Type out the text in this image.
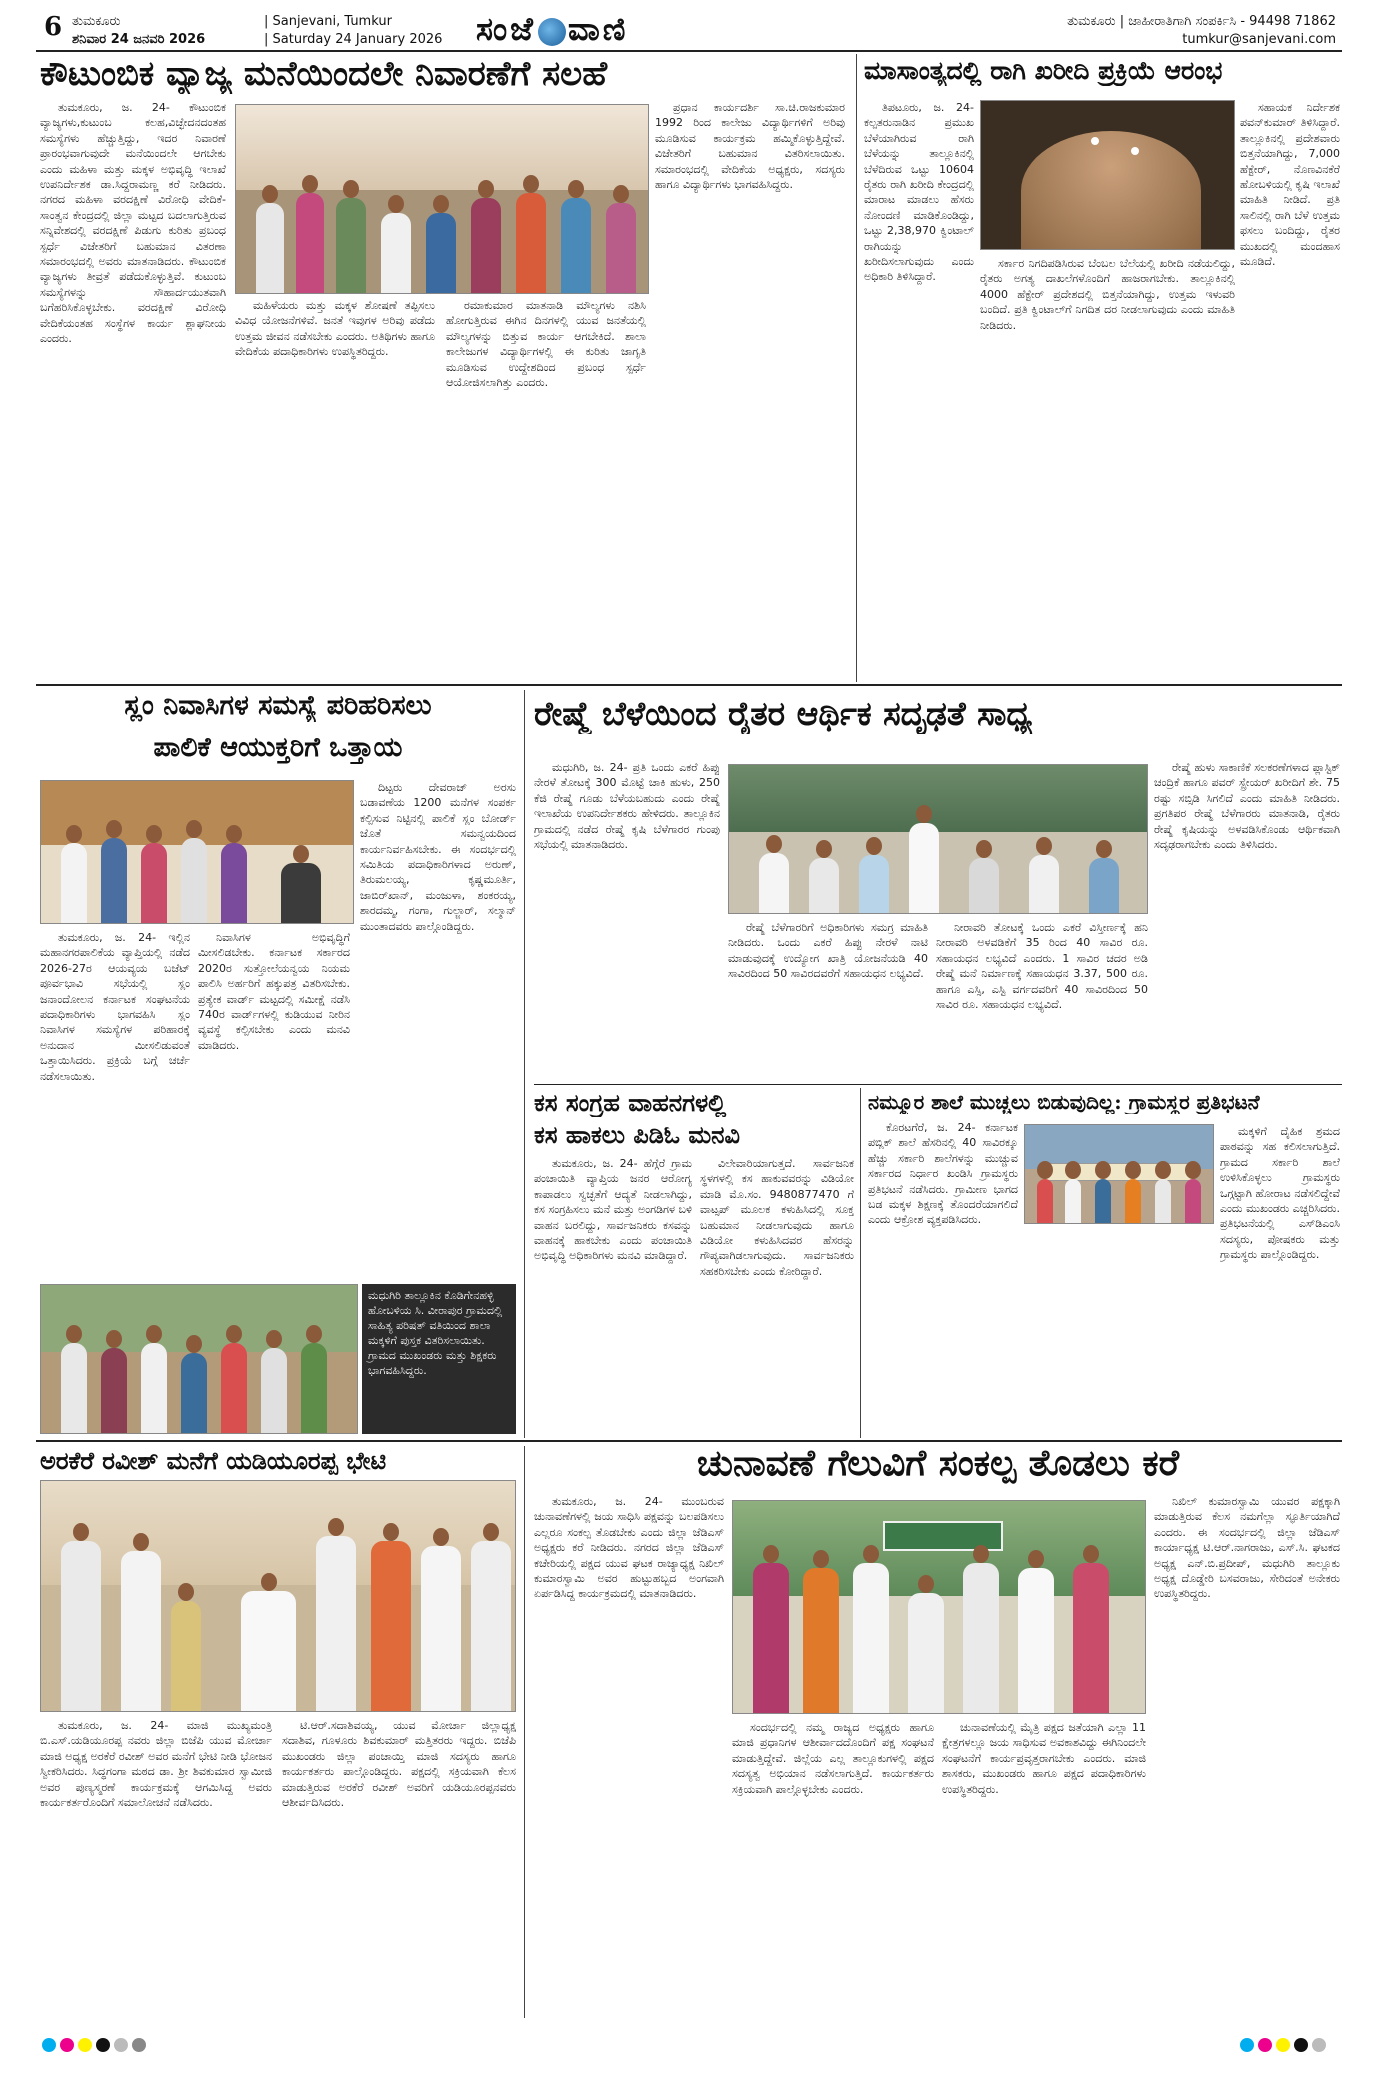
6 ತುಮಕೂರು
ಶನಿವಾರ 24 ಜನವರಿ 2026
| Sanjevani, Tumkur
| Saturday 24 January 2026 ಸಂಜೆ ವಾಣಿ	ತುಮಕೂರು | ಜಾಹೀರಾತಿಗಾಗಿ ಸಂಪರ್ಕಿಸಿ - 94498 71862
tumkur@sanjevani.com
ಕೌಟುಂಬಿಕ ವ್ಯಾಜ್ಯ ಮನೆಯಿಂದಲೇ ನಿವಾರಣೆಗೆ ಸಲಹೆ

ತುಮಕೂರು, ಜ. 24- ಕೌಟುಂಬಿಕ ವ್ಯಾಜ್ಯಗಳು,ಕುಟುಂಬ ಕಲಹ,ವಿಚ್ಛೇದನದಂತಹ ಸಮಸ್ಯೆಗಳು ಹೆಚ್ಚುತ್ತಿದ್ದು, ಇದರ ನಿವಾರಣೆ ಪ್ರಾರಂಭವಾಗುವುದೇ ಮನೆಯಿಂದಲೇ ಆಗಬೇಕು ಎಂದು ಮಹಿಳಾ ಮತ್ತು ಮಕ್ಕಳ ಅಭಿವೃದ್ಧಿ ಇಲಾಖೆ ಉಪನಿರ್ದೇಶಕ ಡಾ.ಸಿದ್ದರಾಮಣ್ಣ ಕರೆ ನೀಡಿದರು. ನಗರದ ಮಹಿಳಾ ವರದಕ್ಷಿಣೆ ವಿರೋಧಿ ವೇದಿಕೆ-ಸಾಂತ್ವನ ಕೇಂದ್ರದಲ್ಲಿ ಜಿಲ್ಲಾ ಮಟ್ಟದ ಬದಲಾಗುತ್ತಿರುವ ಸನ್ನಿವೇಶದಲ್ಲಿ ವರದಕ್ಷಿಣೆ ಪಿಡುಗು ಕುರಿತು ಪ್ರಬಂಧ ಸ್ಪರ್ಧೆ ವಿಜೇತರಿಗೆ ಬಹುಮಾನ ವಿತರಣಾ ಸಮಾರಂಭದಲ್ಲಿ ಅವರು ಮಾತನಾಡಿದರು. ಕೌಟುಂಬಿಕ ವ್ಯಾಜ್ಯಗಳು ತೀವ್ರತೆ ಪಡೆದುಕೊಳ್ಳುತ್ತಿವೆ. ಕುಟುಂಬ ಸಮಸ್ಯೆಗಳನ್ನು ಸೌಹಾರ್ದಯುತವಾಗಿ ಬಗೆಹರಿಸಿಕೊಳ್ಳಬೇಕು. ವರದಕ್ಷಿಣೆ ವಿರೋಧಿ ವೇದಿಕೆಯಂತಹ ಸಂಸ್ಥೆಗಳ ಕಾರ್ಯ ಶ್ಲಾಘನೀಯ ಎಂದರು.

ಮಹಿಳೆಯರು ಮತ್ತು ಮಕ್ಕಳ ಶೋಷಣೆ ತಪ್ಪಿಸಲು ವಿವಿಧ ಯೋಜನೆಗಳಿವೆ. ಜನತೆ ಇವುಗಳ ಅರಿವು ಪಡೆದು ಉತ್ತಮ ಜೀವನ ನಡೆಸಬೇಕು ಎಂದರು. ಅತಿಥಿಗಳು ಹಾಗೂ ವೇದಿಕೆಯ ಪದಾಧಿಕಾರಿಗಳು ಉಪಸ್ಥಿತರಿದ್ದರು.

ರಮಾಕುಮಾರ ಮಾತನಾಡಿ ಮೌಲ್ಯಗಳು ನಶಿಸಿ ಹೋಗುತ್ತಿರುವ ಈಗಿನ ದಿನಗಳಲ್ಲಿ ಯುವ ಜನತೆಯಲ್ಲಿ ಮೌಲ್ಯಗಳನ್ನು ಬಿತ್ತುವ ಕಾರ್ಯ ಆಗಬೇಕಿದೆ. ಶಾಲಾ ಕಾಲೇಜುಗಳ ವಿದ್ಯಾರ್ಥಿಗಳಲ್ಲಿ ಈ ಕುರಿತು ಜಾಗೃತಿ ಮೂಡಿಸುವ ಉದ್ದೇಶದಿಂದ ಪ್ರಬಂಧ ಸ್ಪರ್ಧೆ ಆಯೋಜಿಸಲಾಗಿತ್ತು ಎಂದರು.

ಪ್ರಧಾನ ಕಾರ್ಯದರ್ಶಿ ಸಾ.ಚಿ.ರಾಜಕುಮಾರ 1992 ರಿಂದ ಕಾಲೇಜು ವಿದ್ಯಾರ್ಥಿಗಳಿಗೆ ಅರಿವು ಮೂಡಿಸುವ ಕಾರ್ಯಕ್ರಮ ಹಮ್ಮಿಕೊಳ್ಳುತ್ತಿದ್ದೇವೆ. ವಿಜೇತರಿಗೆ ಬಹುಮಾನ ವಿತರಿಸಲಾಯಿತು. ಸಮಾರಂಭದಲ್ಲಿ ವೇದಿಕೆಯ ಅಧ್ಯಕ್ಷರು, ಸದಸ್ಯರು ಹಾಗೂ ವಿದ್ಯಾರ್ಥಿಗಳು ಭಾಗವಹಿಸಿದ್ದರು.

ಮಾಸಾಂತ್ಯದಲ್ಲಿ ರಾಗಿ ಖರೀದಿ ಪ್ರಕ್ರಿಯೆ ಆರಂಭ

ತಿಪಟೂರು, ಜ. 24- ಕಲ್ಪತರುನಾಡಿನ ಪ್ರಮುಖ ಬೆಳೆಯಾಗಿರುವ ರಾಗಿ ಬೆಳೆಯನ್ನು ತಾಲ್ಲೂಕಿನಲ್ಲಿ ಬೆಳೆದಿರುವ ಒಟ್ಟು 10604 ರೈತರು ರಾಗಿ ಖರೀದಿ ಕೇಂದ್ರದಲ್ಲಿ ಮಾರಾಟ ಮಾಡಲು ಹೆಸರು ನೋಂದಣಿ ಮಾಡಿಕೊಂಡಿದ್ದು, ಒಟ್ಟು 2,38,970 ಕ್ವಿಂಟಾಲ್ ರಾಗಿಯನ್ನು ಖರೀದಿಸಲಾಗುವುದು ಎಂದು ಅಧಿಕಾರಿ ತಿಳಿಸಿದ್ದಾರೆ.

ಸರ್ಕಾರ ನಿಗದಿಪಡಿಸಿರುವ ಬೆಂಬಲ ಬೆಲೆಯಲ್ಲಿ ಖರೀದಿ ನಡೆಯಲಿದ್ದು, ರೈತರು ಅಗತ್ಯ ದಾಖಲೆಗಳೊಂದಿಗೆ ಹಾಜರಾಗಬೇಕು. ತಾಲ್ಲೂಕಿನಲ್ಲಿ 4000 ಹೆಕ್ಟೇರ್ ಪ್ರದೇಶದಲ್ಲಿ ಬಿತ್ತನೆಯಾಗಿದ್ದು, ಉತ್ತಮ ಇಳುವರಿ ಬಂದಿದೆ. ಪ್ರತಿ ಕ್ವಿಂಟಾಲ್‌ಗೆ ನಿಗದಿತ ದರ ನೀಡಲಾಗುವುದು ಎಂದು ಮಾಹಿತಿ ನೀಡಿದರು.

ಸಹಾಯಕ ನಿರ್ದೇಶಕ ಪವನ್‌ಕುಮಾರ್ ತಿಳಿಸಿದ್ದಾರೆ. ತಾಲ್ಲೂಕಿನಲ್ಲಿ ಪ್ರದೇಶವಾರು ಬಿತ್ತನೆಯಾಗಿದ್ದು, 7,000 ಹೆಕ್ಟೇರ್, ನೊಣವಿನಕೆರೆ ಹೋಬಳಿಯಲ್ಲಿ ಕೃಷಿ ಇಲಾಖೆ ಮಾಹಿತಿ ನೀಡಿದೆ. ಪ್ರತಿ ಸಾಲಿನಲ್ಲಿ ರಾಗಿ ಬೆಳೆ ಉತ್ತಮ ಫಸಲು ಬಂದಿದ್ದು, ರೈತರ ಮುಖದಲ್ಲಿ ಮಂದಹಾಸ ಮೂಡಿದೆ.

ಸ್ಲಂ ನಿವಾಸಿಗಳ ಸಮಸ್ಯೆ ಪರಿಹರಿಸಲು
ಪಾಲಿಕೆ ಆಯುಕ್ತರಿಗೆ ಒತ್ತಾಯ

ತುಮಕೂರು, ಜ. 24- ಇಲ್ಲಿನ ಮಹಾನಗರಪಾಲಿಕೆಯ ವ್ಯಾಪ್ತಿಯಲ್ಲಿ ನಡೆದ 2026-27ರ ಆಯವ್ಯಯ ಬಜೆಟ್ ಪೂರ್ವಭಾವಿ ಸಭೆಯಲ್ಲಿ ಸ್ಲಂ ಜನಾಂದೋಲನ ಕರ್ನಾಟಕ ಸಂಘಟನೆಯ ಪದಾಧಿಕಾರಿಗಳು ಭಾಗವಹಿಸಿ ಸ್ಲಂ ನಿವಾಸಿಗಳ ಸಮಸ್ಯೆಗಳ ಪರಿಹಾರಕ್ಕೆ ಅನುದಾನ ಮೀಸಲಿಡುವಂತೆ ಒತ್ತಾಯಿಸಿದರು. ಪ್ರಕ್ರಿಯೆ ಬಗ್ಗೆ ಚರ್ಚೆ ನಡೆಸಲಾಯಿತು.

ನಿವಾಸಿಗಳ ಅಭಿವೃದ್ಧಿಗೆ ಮೀಸಲಿಡಬೇಕು. ಕರ್ನಾಟಕ ಸರ್ಕಾರದ 2020ರ ಸುತ್ತೋಲೆಯನ್ವಯ ನಿಯಮ ಪಾಲಿಸಿ ಅರ್ಹರಿಗೆ ಹಕ್ಕುಪತ್ರ ವಿತರಿಸಬೇಕು. ಪ್ರತ್ಯೇಕ ವಾರ್ಡ್ ಮಟ್ಟದಲ್ಲಿ ಸಮೀಕ್ಷೆ ನಡೆಸಿ 740ರ ವಾರ್ಡ್‌ಗಳಲ್ಲಿ ಕುಡಿಯುವ ನೀರಿನ ವ್ಯವಸ್ಥೆ ಕಲ್ಪಿಸಬೇಕು ಎಂದು ಮನವಿ ಮಾಡಿದರು.

ದಿಟ್ಟರು ದೇವರಾಜ್ ಅರಸು ಬಡಾವಣೆಯ 1200 ಮನೆಗಳ ಸಂಪರ್ಕ ಕಲ್ಪಿಸುವ ನಿಟ್ಟಿನಲ್ಲಿ ಪಾಲಿಕೆ ಸ್ಲಂ ಬೋರ್ಡ್ ಜೊತೆ ಸಮನ್ವಯದಿಂದ ಕಾರ್ಯನಿರ್ವಹಿಸಬೇಕು. ಈ ಸಂದರ್ಭದಲ್ಲಿ ಸಮಿತಿಯ ಪದಾಧಿಕಾರಿಗಳಾದ ಅರುಣ್, ತಿರುಮಲಯ್ಯ, ಕೃಷ್ಣಮೂರ್ತಿ, ಜಾಬಿರ್‌ಖಾನ್, ಮಂಜುಳಾ, ಶಂಕರಯ್ಯ, ಶಾರದಮ್ಮ, ಗಂಗಾ, ಗುಲ್ಜಾರ್, ಸಲ್ಮಾನ್ ಮುಂತಾದವರು ಪಾಲ್ಗೊಂಡಿದ್ದರು.

ಮಧುಗಿರಿ ತಾಲ್ಲೂಕಿನ ಕೊಡಿಗೇನಹಳ್ಳಿ ಹೋಬಳಿಯ ಸಿ. ವೀರಾಪುರ ಗ್ರಾಮದಲ್ಲಿ ಸಾಹಿತ್ಯ ಪರಿಷತ್ ವತಿಯಿಂದ ಶಾಲಾ ಮಕ್ಕಳಿಗೆ ಪುಸ್ತಕ ವಿತರಿಸಲಾಯಿತು. ಗ್ರಾಮದ ಮುಖಂಡರು ಮತ್ತು ಶಿಕ್ಷಕರು ಭಾಗವಹಿಸಿದ್ದರು.
ರೇಷ್ಮೆ ಬೆಳೆಯಿಂದ ರೈತರ ಆರ್ಥಿಕ ಸದೃಢತೆ ಸಾಧ್ಯ

ಮಧುಗಿರಿ, ಜ. 24- ಪ್ರತಿ ಒಂದು ಎಕರೆ ಹಿಪ್ಪು ನೇರಳೆ ತೋಟಕ್ಕೆ 300 ಮೊಟ್ಟೆ ಚಾಕಿ ಹುಳು, 250 ಕೆಜಿ ರೇಷ್ಮೆ ಗೂಡು ಬೆಳೆಯಬಹುದು ಎಂದು ರೇಷ್ಮೆ ಇಲಾಖೆಯ ಉಪನಿರ್ದೇಶಕರು ಹೇಳಿದರು. ತಾಲ್ಲೂಕಿನ ಗ್ರಾಮದಲ್ಲಿ ನಡೆದ ರೇಷ್ಮೆ ಕೃಷಿ ಬೆಳೆಗಾರರ ಗುಂಪು ಸಭೆಯಲ್ಲಿ ಮಾತನಾಡಿದರು.

ರೇಷ್ಮೆ ಬೆಳೆಗಾರರಿಗೆ ಅಧಿಕಾರಿಗಳು ಸಮಗ್ರ ಮಾಹಿತಿ ನೀಡಿದರು. ಒಂದು ಎಕರೆ ಹಿಪ್ಪು ನೇರಳೆ ನಾಟಿ ಮಾಡುವುದಕ್ಕೆ ಉದ್ಯೋಗ ಖಾತ್ರಿ ಯೋಜನೆಯಡಿ 40 ಸಾವಿರದಿಂದ 50 ಸಾವಿರದವರೆಗೆ ಸಹಾಯಧನ ಲಭ್ಯವಿದೆ.

ನೀರಾವರಿ ತೋಟಕ್ಕೆ ಒಂದು ಎಕರೆ ವಿಸ್ತೀರ್ಣಕ್ಕೆ ಹನಿ ನೀರಾವರಿ ಅಳವಡಿಕೆಗೆ 35 ರಿಂದ 40 ಸಾವಿರ ರೂ. ಸಹಾಯಧನ ಲಭ್ಯವಿದೆ ಎಂದರು. 1 ಸಾವಿರ ಚದರ ಅಡಿ ರೇಷ್ಮೆ ಮನೆ ನಿರ್ಮಾಣಕ್ಕೆ ಸಹಾಯಧನ 3.37, 500 ರೂ. ಹಾಗೂ ಎಸ್ಸಿ, ಎಸ್ಟಿ ವರ್ಗದವರಿಗೆ 40 ಸಾವಿರದಿಂದ 50 ಸಾವಿರ ರೂ. ಸಹಾಯಧನ ಲಭ್ಯವಿದೆ.

ರೇಷ್ಮೆ ಹುಳು ಸಾಕಾಣಿಕೆ ಸಲಕರಣೆಗಳಾದ ಪ್ಲಾಸ್ಟಿಕ್ ಚಂದ್ರಿಕೆ ಹಾಗೂ ಪವರ್ ಸ್ಪ್ರೇಯರ್ ಖರೀದಿಗೆ ಶೇ. 75 ರಷ್ಟು ಸಬ್ಸಿಡಿ ಸಿಗಲಿದೆ ಎಂದು ಮಾಹಿತಿ ನೀಡಿದರು. ಪ್ರಗತಿಪರ ರೇಷ್ಮೆ ಬೆಳೆಗಾರರು ಮಾತನಾಡಿ, ರೈತರು ರೇಷ್ಮೆ ಕೃಷಿಯನ್ನು ಅಳವಡಿಸಿಕೊಂಡು ಆರ್ಥಿಕವಾಗಿ ಸದೃಢರಾಗಬೇಕು ಎಂದು ತಿಳಿಸಿದರು.

ಕಸ ಸಂಗ್ರಹ ವಾಹನಗಳಲ್ಲಿ
ಕಸ ಹಾಕಲು ಪಿಡಿಓ ಮನವಿ

ತುಮಕೂರು, ಜ. 24- ಹೆಗ್ಗೆರೆ ಗ್ರಾಮ ಪಂಚಾಯಿತಿ ವ್ಯಾಪ್ತಿಯ ಜನರ ಆರೋಗ್ಯ ಕಾಪಾಡಲು ಸ್ವಚ್ಛತೆಗೆ ಆದ್ಯತೆ ನೀಡಲಾಗಿದ್ದು, ಕಸ ಸಂಗ್ರಹಿಸಲು ಮನೆ ಮತ್ತು ಅಂಗಡಿಗಳ ಬಳಿ ವಾಹನ ಬರಲಿದ್ದು, ಸಾರ್ವಜನಿಕರು ಕಸವನ್ನು ವಾಹನಕ್ಕೆ ಹಾಕಬೇಕು ಎಂದು ಪಂಚಾಯಿತಿ ಅಭಿವೃದ್ಧಿ ಅಧಿಕಾರಿಗಳು ಮನವಿ ಮಾಡಿದ್ದಾರೆ.

ವಿಲೇವಾರಿಯಾಗುತ್ತದೆ. ಸಾರ್ವಜನಿಕ ಸ್ಥಳಗಳಲ್ಲಿ ಕಸ ಹಾಕುವವರನ್ನು ವಿಡಿಯೋ ಮಾಡಿ ಮೊ.ಸಂ. 9480877470 ಗೆ ವಾಟ್ಸಪ್ ಮೂಲಕ ಕಳುಹಿಸಿದಲ್ಲಿ ಸೂಕ್ತ ಬಹುಮಾನ ನೀಡಲಾಗುವುದು ಹಾಗೂ ವಿಡಿಯೋ ಕಳುಹಿಸಿದವರ ಹೆಸರನ್ನು ಗೌಪ್ಯವಾಗಿಡಲಾಗುವುದು. ಸಾರ್ವಜನಿಕರು ಸಹಕರಿಸಬೇಕು ಎಂದು ಕೋರಿದ್ದಾರೆ.

ನಮ್ಮೂರ ಶಾಲೆ ಮುಚ್ಚಲು ಬಿಡುವುದಿಲ್ಲ: ಗ್ರಾಮಸ್ಥರ ಪ್ರತಿಭಟನೆ

ಕೊರಟಗೆರೆ, ಜ. 24- ಕರ್ನಾಟಕ ಪಬ್ಲಿಕ್ ಶಾಲೆ ಹೆಸರಿನಲ್ಲಿ 40 ಸಾವಿರಕ್ಕೂ ಹೆಚ್ಚು ಸರ್ಕಾರಿ ಶಾಲೆಗಳನ್ನು ಮುಚ್ಚುವ ಸರ್ಕಾರದ ನಿರ್ಧಾರ ಖಂಡಿಸಿ ಗ್ರಾಮಸ್ಥರು ಪ್ರತಿಭಟನೆ ನಡೆಸಿದರು. ಗ್ರಾಮೀಣ ಭಾಗದ ಬಡ ಮಕ್ಕಳ ಶಿಕ್ಷಣಕ್ಕೆ ತೊಂದರೆಯಾಗಲಿದೆ ಎಂದು ಆಕ್ರೋಶ ವ್ಯಕ್ತಪಡಿಸಿದರು.

ಮಕ್ಕಳಿಗೆ ದೈಹಿಕ ಶ್ರಮದ ಪಾಠವನ್ನು ಸಹ ಕಲಿಸಲಾಗುತ್ತಿದೆ. ಗ್ರಾಮದ ಸರ್ಕಾರಿ ಶಾಲೆ ಉಳಿಸಿಕೊಳ್ಳಲು ಗ್ರಾಮಸ್ಥರು ಒಗ್ಗಟ್ಟಾಗಿ ಹೋರಾಟ ನಡೆಸಲಿದ್ದೇವೆ ಎಂದು ಮುಖಂಡರು ಎಚ್ಚರಿಸಿದರು. ಪ್ರತಿಭಟನೆಯಲ್ಲಿ ಎಸ್‌ಡಿಎಂಸಿ ಸದಸ್ಯರು, ಪೋಷಕರು ಮತ್ತು ಗ್ರಾಮಸ್ಥರು ಪಾಲ್ಗೊಂಡಿದ್ದರು.

ಅರಕೆರೆ ರವೀಶ್ ಮನೆಗೆ ಯಡಿಯೂರಪ್ಪ ಭೇಟಿ

ತುಮಕೂರು, ಜ. 24- ಮಾಜಿ ಮುಖ್ಯಮಂತ್ರಿ ಬಿ.ಎಸ್.ಯಡಿಯೂರಪ್ಪ ನವರು ಜಿಲ್ಲಾ ಬಿಜೆಪಿ ಯುವ ಮೋರ್ಚಾ ಮಾಜಿ ಅಧ್ಯಕ್ಷ ಅರಕೆರೆ ರವೀಶ್ ಅವರ ಮನೆಗೆ ಭೇಟಿ ನೀಡಿ ಭೋಜನ ಸ್ವೀಕರಿಸಿದರು. ಸಿದ್ಧಗಂಗಾ ಮಠದ ಡಾ. ಶ್ರೀ ಶಿವಕುಮಾರ ಸ್ವಾಮೀಜಿ ಅವರ ಪುಣ್ಯಸ್ಮರಣೆ ಕಾರ್ಯಕ್ರಮಕ್ಕೆ ಆಗಮಿಸಿದ್ದ ಅವರು ಕಾರ್ಯಕರ್ತರೊಂದಿಗೆ ಸಮಾಲೋಚನೆ ನಡೆಸಿದರು.

ಟಿ.ಆರ್.ಸದಾಶಿವಯ್ಯ, ಯುವ ಮೋರ್ಚಾ ಜಿಲ್ಲಾಧ್ಯಕ್ಷ ಸದಾಶಿವ, ಗೂಳೂರು ಶಿವಕುಮಾರ್ ಮತ್ತಿತರರು ಇದ್ದರು. ಬಿಜೆಪಿ ಮುಖಂಡರು ಜಿಲ್ಲಾ ಪಂಚಾಯ್ತಿ ಮಾಜಿ ಸದಸ್ಯರು ಹಾಗೂ ಕಾರ್ಯಕರ್ತರು ಪಾಲ್ಗೊಂಡಿದ್ದರು. ಪಕ್ಷದಲ್ಲಿ ಸಕ್ರಿಯವಾಗಿ ಕೆಲಸ ಮಾಡುತ್ತಿರುವ ಅರಕೆರೆ ರವೀಶ್ ಅವರಿಗೆ ಯಡಿಯೂರಪ್ಪನವರು ಆಶೀರ್ವದಿಸಿದರು.

ಚುನಾವಣೆ ಗೆಲುವಿಗೆ ಸಂಕಲ್ಪ ತೊಡಲು ಕರೆ

ತುಮಕೂರು, ಜ. 24- ಮುಂಬರುವ ಚುನಾವಣೆಗಳಲ್ಲಿ ಜಯ ಸಾಧಿಸಿ ಪಕ್ಷವನ್ನು ಬಲಪಡಿಸಲು ಎಲ್ಲರೂ ಸಂಕಲ್ಪ ತೊಡಬೇಕು ಎಂದು ಜಿಲ್ಲಾ ಜೆಡಿಎಸ್ ಅಧ್ಯಕ್ಷರು ಕರೆ ನೀಡಿದರು. ನಗರದ ಜಿಲ್ಲಾ ಜೆಡಿಎಸ್ ಕಚೇರಿಯಲ್ಲಿ ಪಕ್ಷದ ಯುವ ಘಟಕ ರಾಜ್ಯಾಧ್ಯಕ್ಷ ನಿಖಿಲ್ ಕುಮಾರಸ್ವಾಮಿ ಅವರ ಹುಟ್ಟುಹಬ್ಬದ ಅಂಗವಾಗಿ ಏರ್ಪಡಿಸಿದ್ದ ಕಾರ್ಯಕ್ರಮದಲ್ಲಿ ಮಾತನಾಡಿದರು.

ಸಂದರ್ಭದಲ್ಲಿ ನಮ್ಮ ರಾಜ್ಯದ ಅಧ್ಯಕ್ಷರು ಹಾಗೂ ಮಾಜಿ ಪ್ರಧಾನಿಗಳ ಆಶೀರ್ವಾದದೊಂದಿಗೆ ಪಕ್ಷ ಸಂಘಟನೆ ಮಾಡುತ್ತಿದ್ದೇವೆ. ಜಿಲ್ಲೆಯ ಎಲ್ಲ ತಾಲ್ಲೂಕುಗಳಲ್ಲಿ ಪಕ್ಷದ ಸದಸ್ಯತ್ವ ಅಭಿಯಾನ ನಡೆಸಲಾಗುತ್ತಿದೆ. ಕಾರ್ಯಕರ್ತರು ಸಕ್ರಿಯವಾಗಿ ಪಾಲ್ಗೊಳ್ಳಬೇಕು ಎಂದರು.

ಚುನಾವಣೆಯಲ್ಲಿ ಮೈತ್ರಿ ಪಕ್ಷದ ಜತೆಯಾಗಿ ಎಲ್ಲಾ 11 ಕ್ಷೇತ್ರಗಳಲ್ಲೂ ಜಯ ಸಾಧಿಸುವ ಅವಕಾಶವಿದ್ದು ಈಗಿನಿಂದಲೇ ಸಂಘಟನೆಗೆ ಕಾರ್ಯಪ್ರವೃತ್ತರಾಗಬೇಕು ಎಂದರು. ಮಾಜಿ ಶಾಸಕರು, ಮುಖಂಡರು ಹಾಗೂ ಪಕ್ಷದ ಪದಾಧಿಕಾರಿಗಳು ಉಪಸ್ಥಿತರಿದ್ದರು.

ನಿಖಿಲ್ ಕುಮಾರಸ್ವಾಮಿ ಯುವರ ಪಕ್ಷಕ್ಕಾಗಿ ಮಾಡುತ್ತಿರುವ ಕೆಲಸ ನಮಗೆಲ್ಲಾ ಸ್ಫೂರ್ತಿಯಾಗಿದೆ ಎಂದರು. ಈ ಸಂದರ್ಭದಲ್ಲಿ ಜಿಲ್ಲಾ ಜೆಡಿಎಸ್ ಕಾರ್ಯಾಧ್ಯಕ್ಷ ಟಿ.ಆರ್.ನಾಗರಾಜು, ಎಸ್.ಸಿ. ಘಟಕದ ಅಧ್ಯಕ್ಷ ಎನ್.ಬಿ.ಪ್ರದೀಪ್, ಮಧುಗಿರಿ ತಾಲ್ಲೂಕು ಅಧ್ಯಕ್ಷ ದೊಡ್ಡೇರಿ ಬಸವರಾಜು, ಸೇರಿದಂತೆ ಅನೇಕರು ಉಪಸ್ಥಿತರಿದ್ದರು.
